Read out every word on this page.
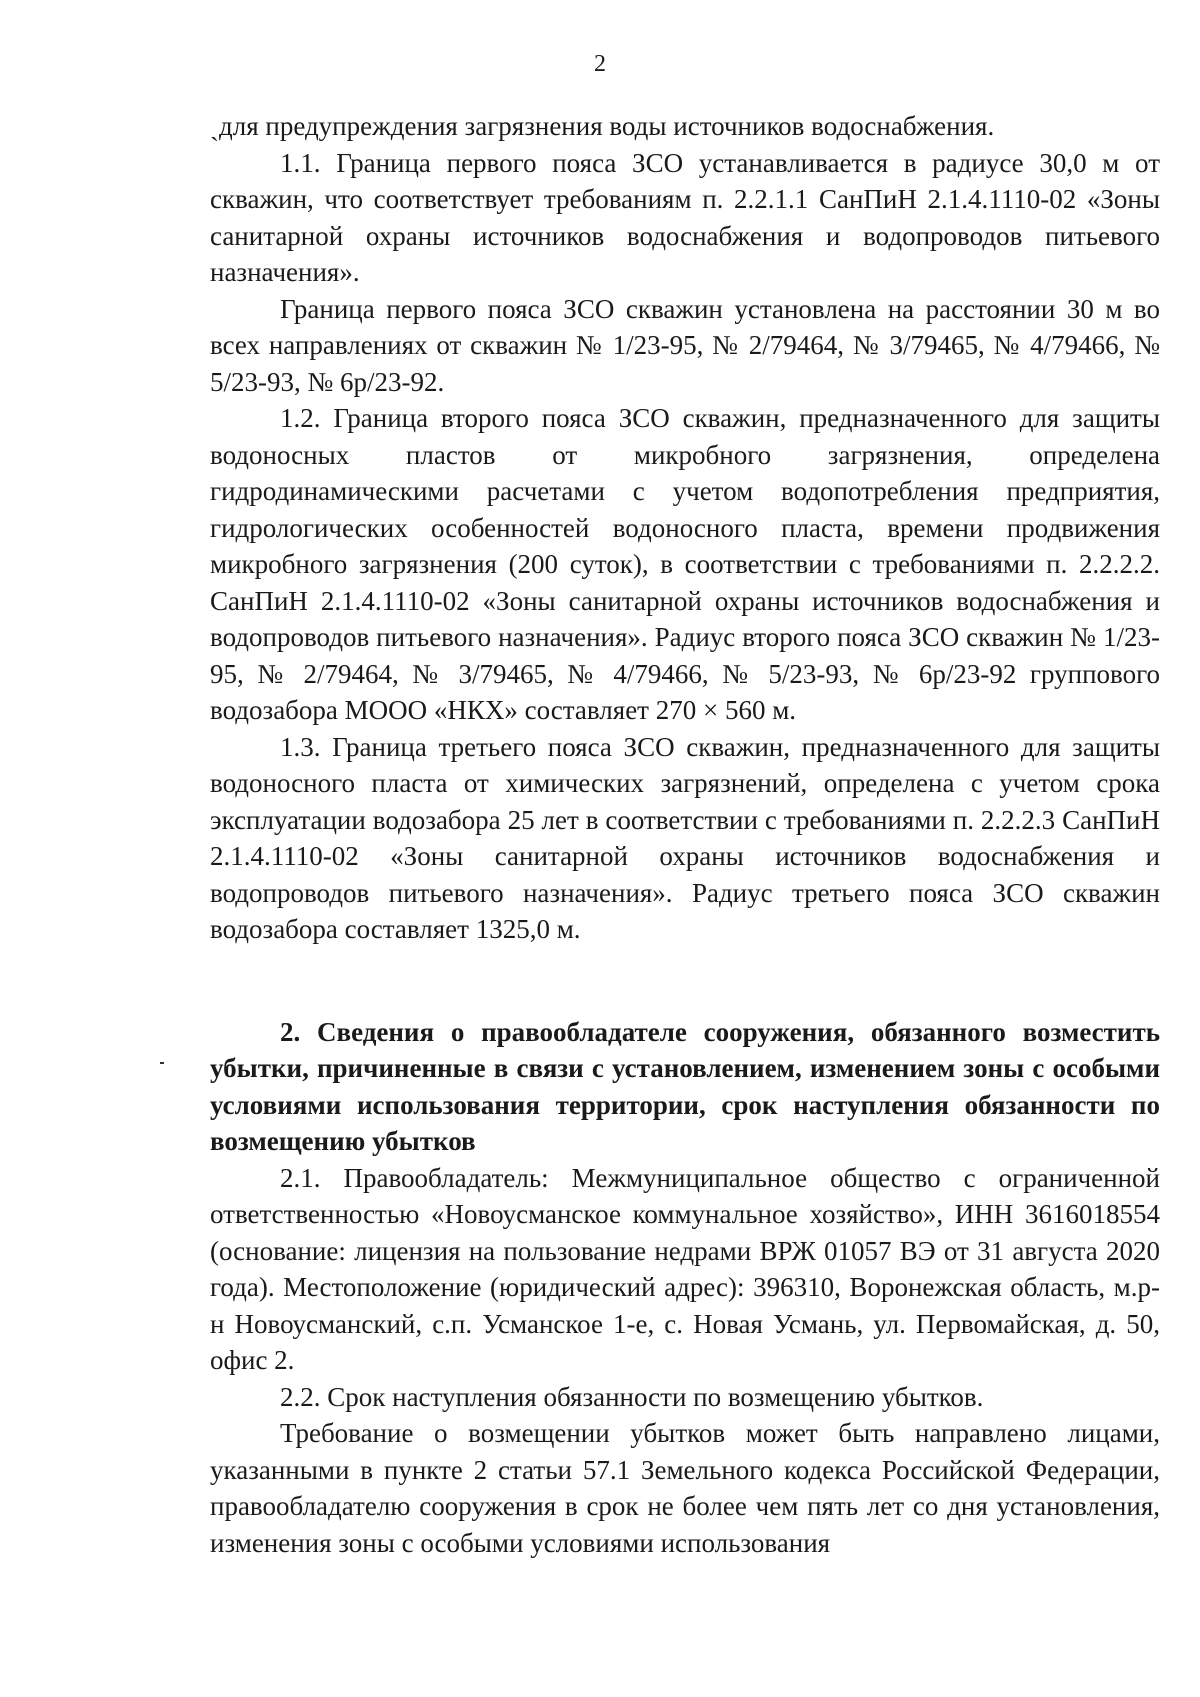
2

ˏдля предупреждения загрязнения воды источников водоснабжения.

1.1. Граница первого пояса ЗСО устанавливается в радиусе 30,0 м от скважин, что соответствует требованиям п. 2.2.1.1 СанПиН 2.1.4.1110-02 «Зоны санитарной охраны источников водоснабжения и водопроводов питьевого назначения».

Граница первого пояса ЗСО скважин установлена на расстоянии 30 м во всех направлениях от скважин № 1/23-95, № 2/79464, № 3/79465, № 4/79466, № 5/23-93, № 6р/23-92.

1.2. Граница второго пояса ЗСО скважин, предназначенного для защиты водоносных пластов от микробного загрязнения, определена гидродинамическими расчетами с учетом водопотребления предприятия, гидрологических особенностей водоносного пласта, времени продвижения микробного загрязнения (200 суток), в соответствии с требованиями п. 2.2.2.2. СанПиН 2.1.4.1110-02 «Зоны санитарной охраны источников водоснабжения и водопроводов питьевого назначения». Радиус второго пояса ЗСО скважин № 1/23-95, № 2/79464, № 3/79465, № 4/79466, № 5/23-93, № 6р/23-92 группового водозабора МООО «НКХ» составляет 270 × 560 м.

1.3. Граница третьего пояса ЗСО скважин, предназначенного для защиты водоносного пласта от химических загрязнений, определена с учетом срока эксплуатации водозабора 25 лет в соответствии с требованиями п. 2.2.2.3 СанПиН 2.1.4.1110-02 «Зоны санитарной охраны источников водоснабжения и водопроводов питьевого назначения». Радиус третьего пояса ЗСО скважин водозабора составляет 1325,0 м.

2. Сведения о правообладателе сооружения, обязанного возместить убытки, причиненные в связи с установлением, изменением зоны с особыми условиями использования территории, срок наступления обязанности по возмещению убытков

2.1. Правообладатель: Межмуниципальное общество с ограниченной ответственностью «Новоусманское коммунальное хозяйство», ИНН 3616018554 (основание: лицензия на пользование недрами ВРЖ 01057 ВЭ от 31 августа 2020 года). Местоположение (юридический адрес): 396310, Воронежская область, м.р-н Новоусманский, с.п. Усманское 1-е, с. Новая Усмань, ул. Первомайская, д. 50, офис 2.

2.2. Срок наступления обязанности по возмещению убытков.

Требование о возмещении убытков может быть направлено лицами, указанными в пункте 2 статьи 57.1 Земельного кодекса Российской Федерации, правообладателю сооружения в срок не более чем пять лет со дня установления, изменения зоны с особыми условиями использования
